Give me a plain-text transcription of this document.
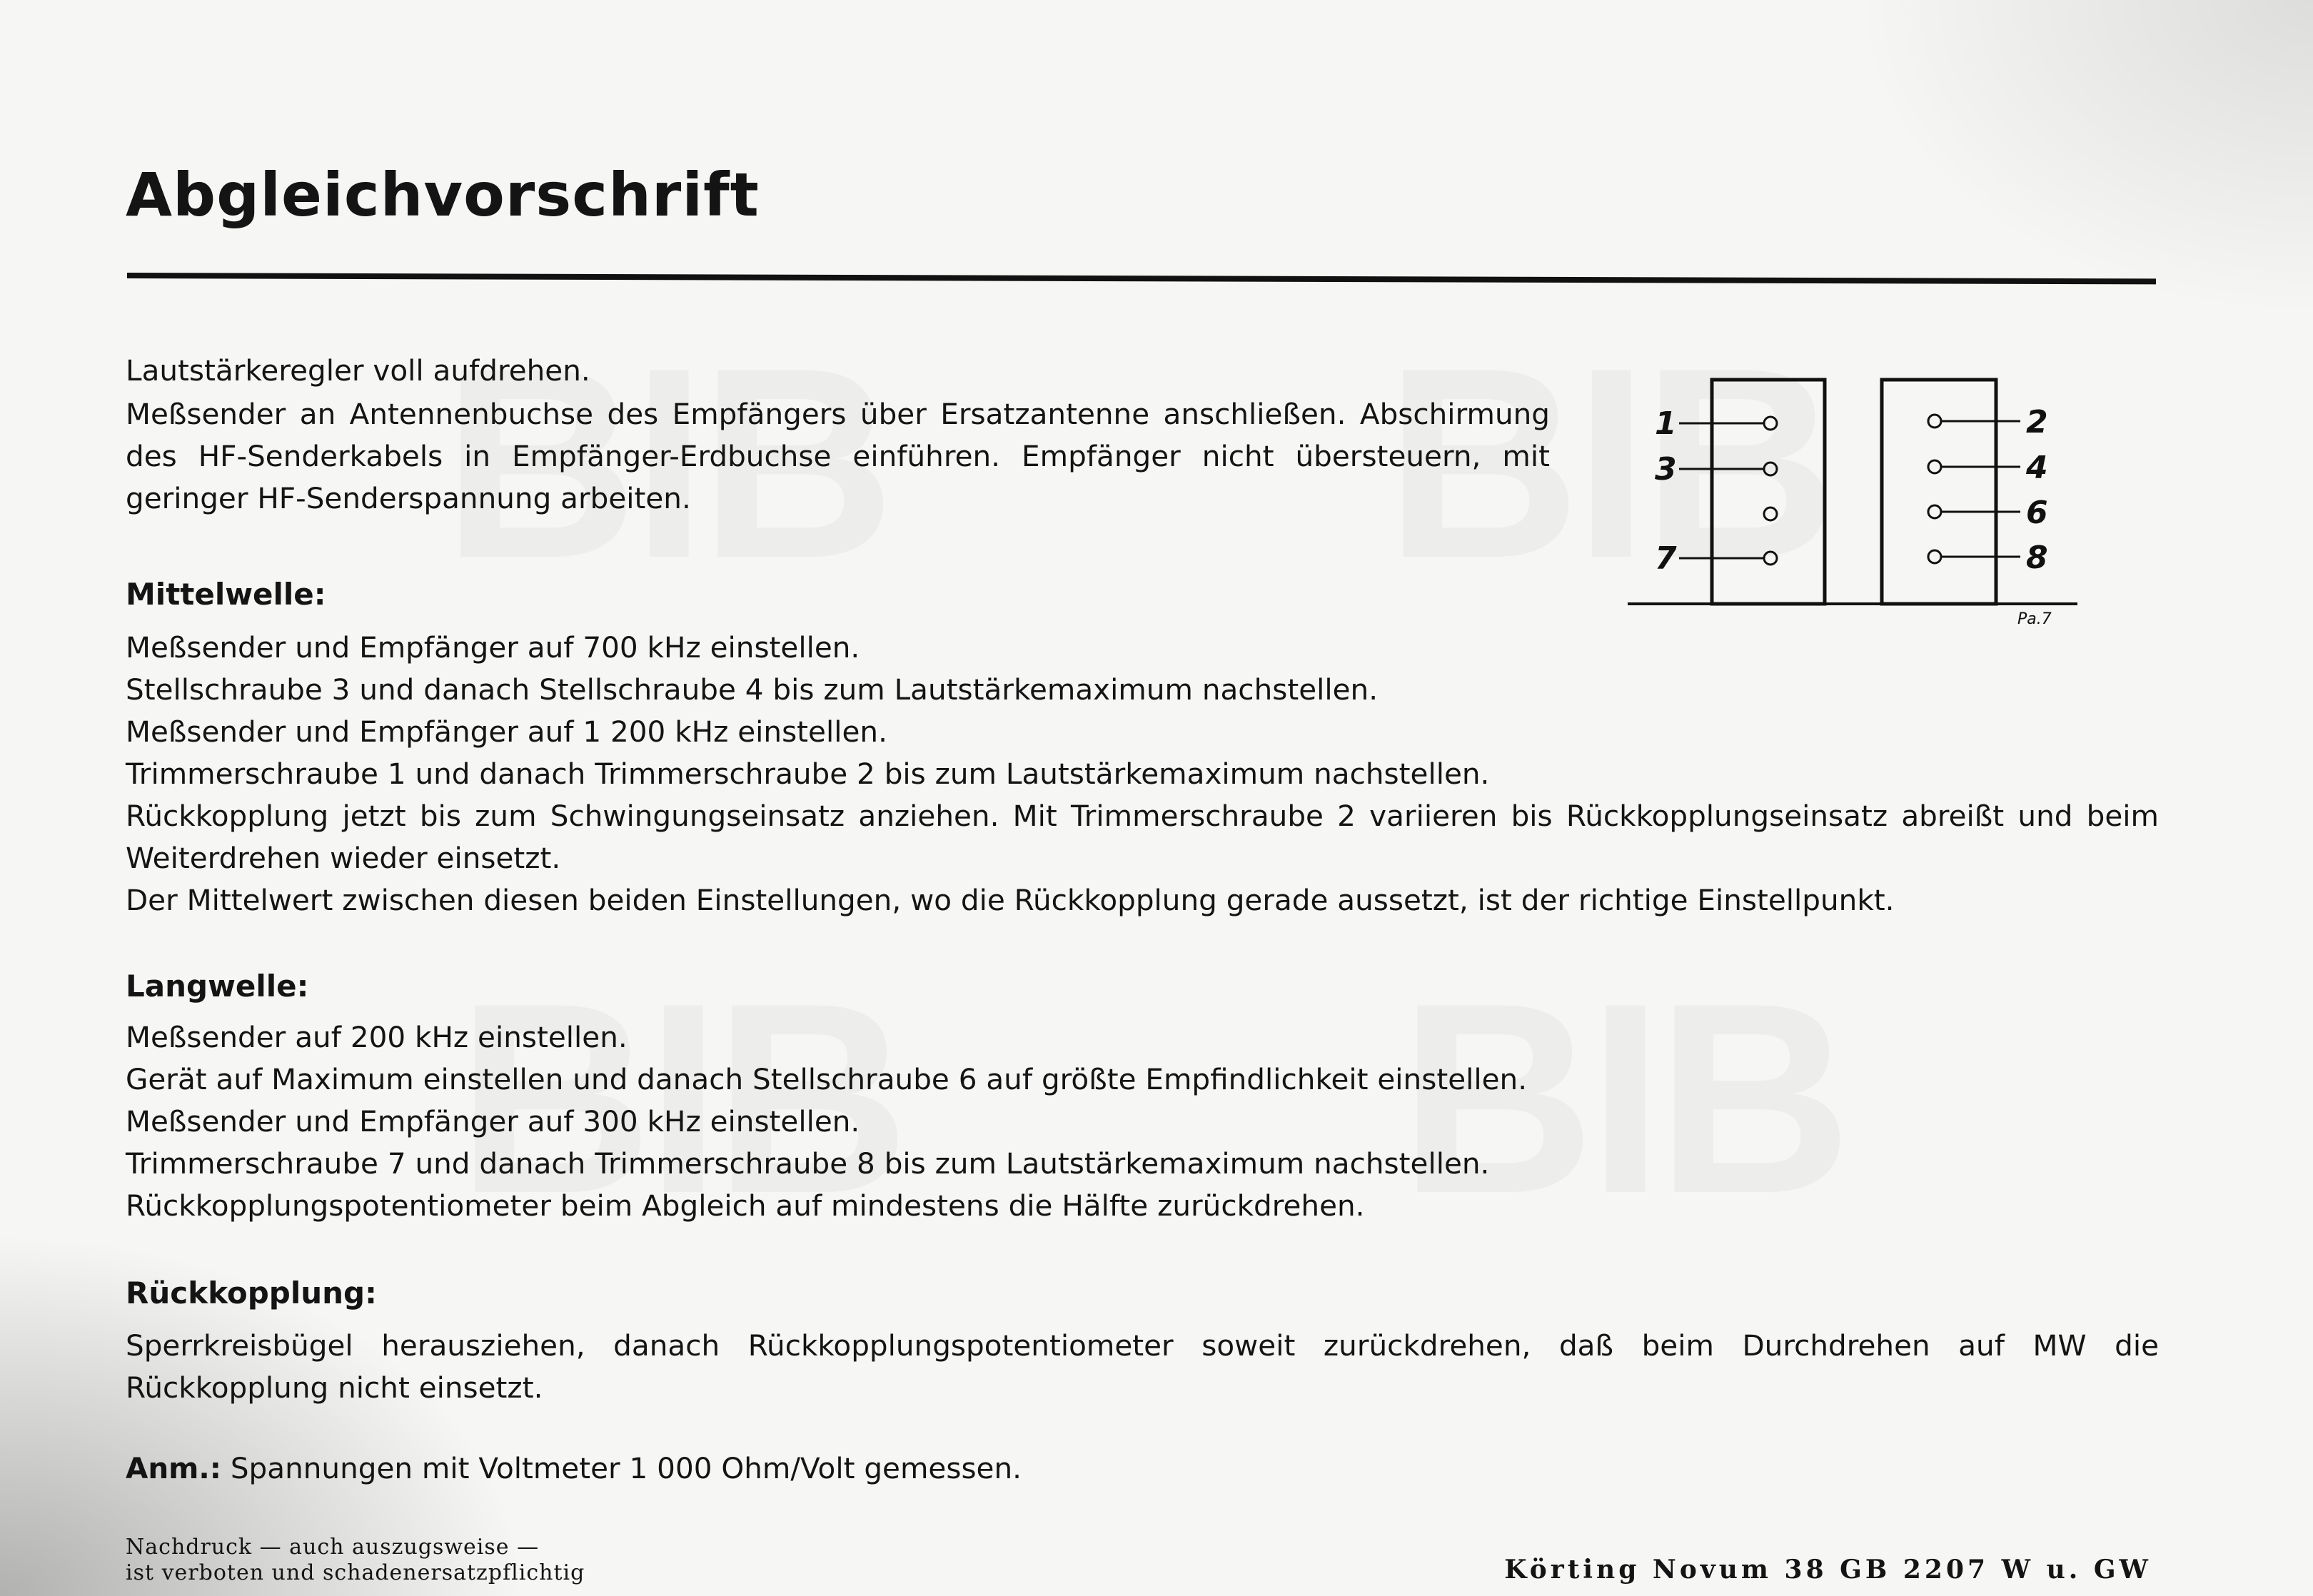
Abgleichvorschrift

Lautstärkeregler voll aufdrehen.

Meßsender an Antennenbuchse des Empfängers über Ersatzantenne anschließen. Abschirmung des HF-Senderkabels in Empfänger-Erdbuchse einführen. Empfänger nicht übersteuern, mit geringer HF-Senderspannung arbeiten.

1
3
7
2
4
6
8
Pa.7

Mittelwelle:

Meßsender und Empfänger auf 700 kHz einstellen.

Stellschraube 3 und danach Stellschraube 4 bis zum Lautstärkemaximum nachstellen.

Meßsender und Empfänger auf 1 200 kHz einstellen.

Trimmerschraube 1 und danach Trimmerschraube 2 bis zum Lautstärkemaximum nachstellen.

Rückkopplung jetzt bis zum Schwingungseinsatz anziehen. Mit Trimmerschraube 2 variieren bis Rückkopplungseinsatz abreißt und beim Weiterdrehen wieder einsetzt.

Der Mittelwert zwischen diesen beiden Einstellungen, wo die Rückkopplung gerade aussetzt, ist der richtige Einstellpunkt.

Langwelle:

Meßsender auf 200 kHz einstellen.

Gerät auf Maximum einstellen und danach Stellschraube 6 auf größte Empfindlichkeit einstellen.

Meßsender und Empfänger auf 300 kHz einstellen.

Trimmerschraube 7 und danach Trimmerschraube 8 bis zum Lautstärkemaximum nachstellen.

Rückkopplungspotentiometer beim Abgleich auf mindestens die Hälfte zurückdrehen.

Rückkopplung:

Sperrkreisbügel herausziehen, danach Rückkopplungspotentiometer soweit zurückdrehen, daß beim Durchdrehen auf MW die Rückkopplung nicht einsetzt.

Anm.: Spannungen mit Voltmeter 1 000 Ohm/Volt gemessen.

Nachdruck — auch auszugsweise —
ist verboten und schadenersatzpflichtig	Körting Novum 38 GB 2207 W u. GW
